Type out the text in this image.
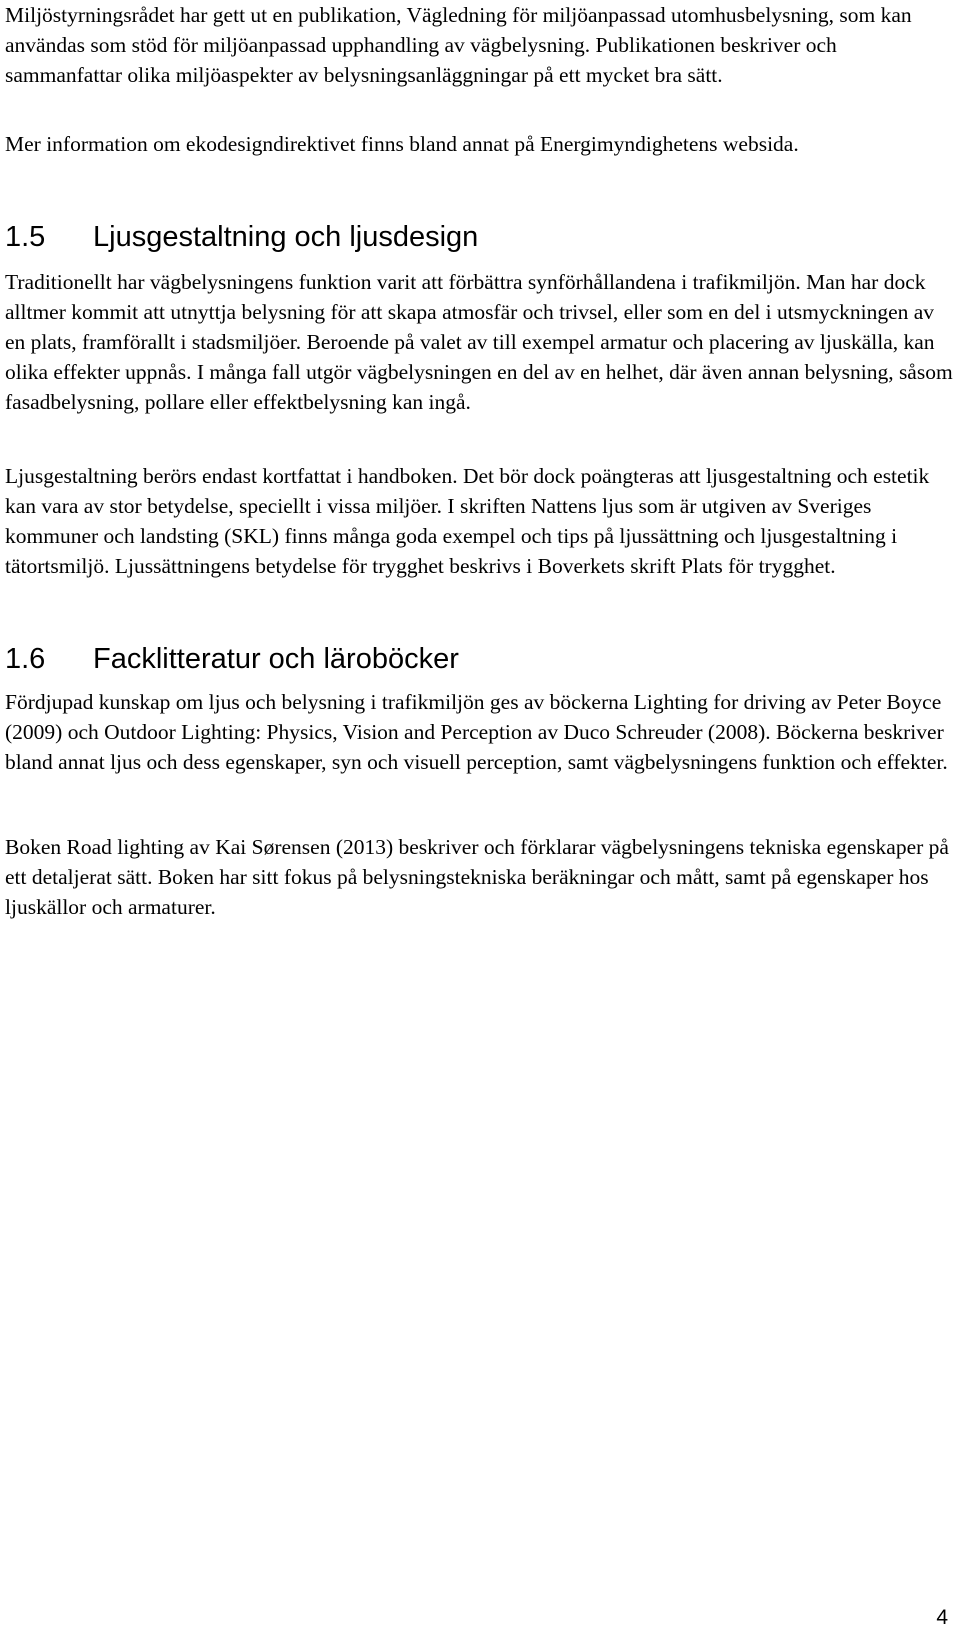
Miljöstyrningsrådet har gett ut en publikation, Vägledning för miljöanpassad utomhusbelysning, som kan användas som stöd för miljöanpassad upphandling av vägbelysning. Publikationen beskriver och sammanfattar olika miljöaspekter av belysningsanläggningar på ett mycket bra sätt.

Mer information om ekodesigndirektivet finns bland annat på Energimyndighetens websida.

1.5 Ljusgestaltning och ljusdesign

Traditionellt har vägbelysningens funktion varit att förbättra synförhållandena i trafikmiljön. Man har dock alltmer kommit att utnyttja belysning för att skapa atmosfär och trivsel, eller som en del i utsmyckningen av en plats, framförallt i stadsmiljöer. Beroende på valet av till exempel armatur och placering av ljuskälla, kan olika effekter uppnås. I många fall utgör vägbelysningen en del av en helhet, där även annan belysning, såsom fasadbelysning, pollare eller effektbelysning kan ingå.

Ljusgestaltning berörs endast kortfattat i handboken. Det bör dock poängteras att ljusgestaltning och estetik kan vara av stor betydelse, speciellt i vissa miljöer. I skriften Nattens ljus som är utgiven av Sveriges kommuner och landsting (SKL) finns många goda exempel och tips på ljussättning och ljusgestaltning i tätortsmiljö. Ljussättningens betydelse för trygghet beskrivs i Boverkets skrift Plats för trygghet.

1.6 Facklitteratur och läroböcker

Fördjupad kunskap om ljus och belysning i trafikmiljön ges av böckerna Lighting for driving av Peter Boyce (2009) och Outdoor Lighting: Physics, Vision and Perception av Duco Schreuder (2008). Böckerna beskriver bland annat ljus och dess egenskaper, syn och visuell perception, samt vägbelysningens funktion och effekter.

Boken Road lighting av Kai Sørensen (2013) beskriver och förklarar vägbelysningens tekniska egenskaper på ett detaljerat sätt. Boken har sitt fokus på belysningstekniska beräkningar och mått, samt på egenskaper hos ljuskällor och armaturer.

4
